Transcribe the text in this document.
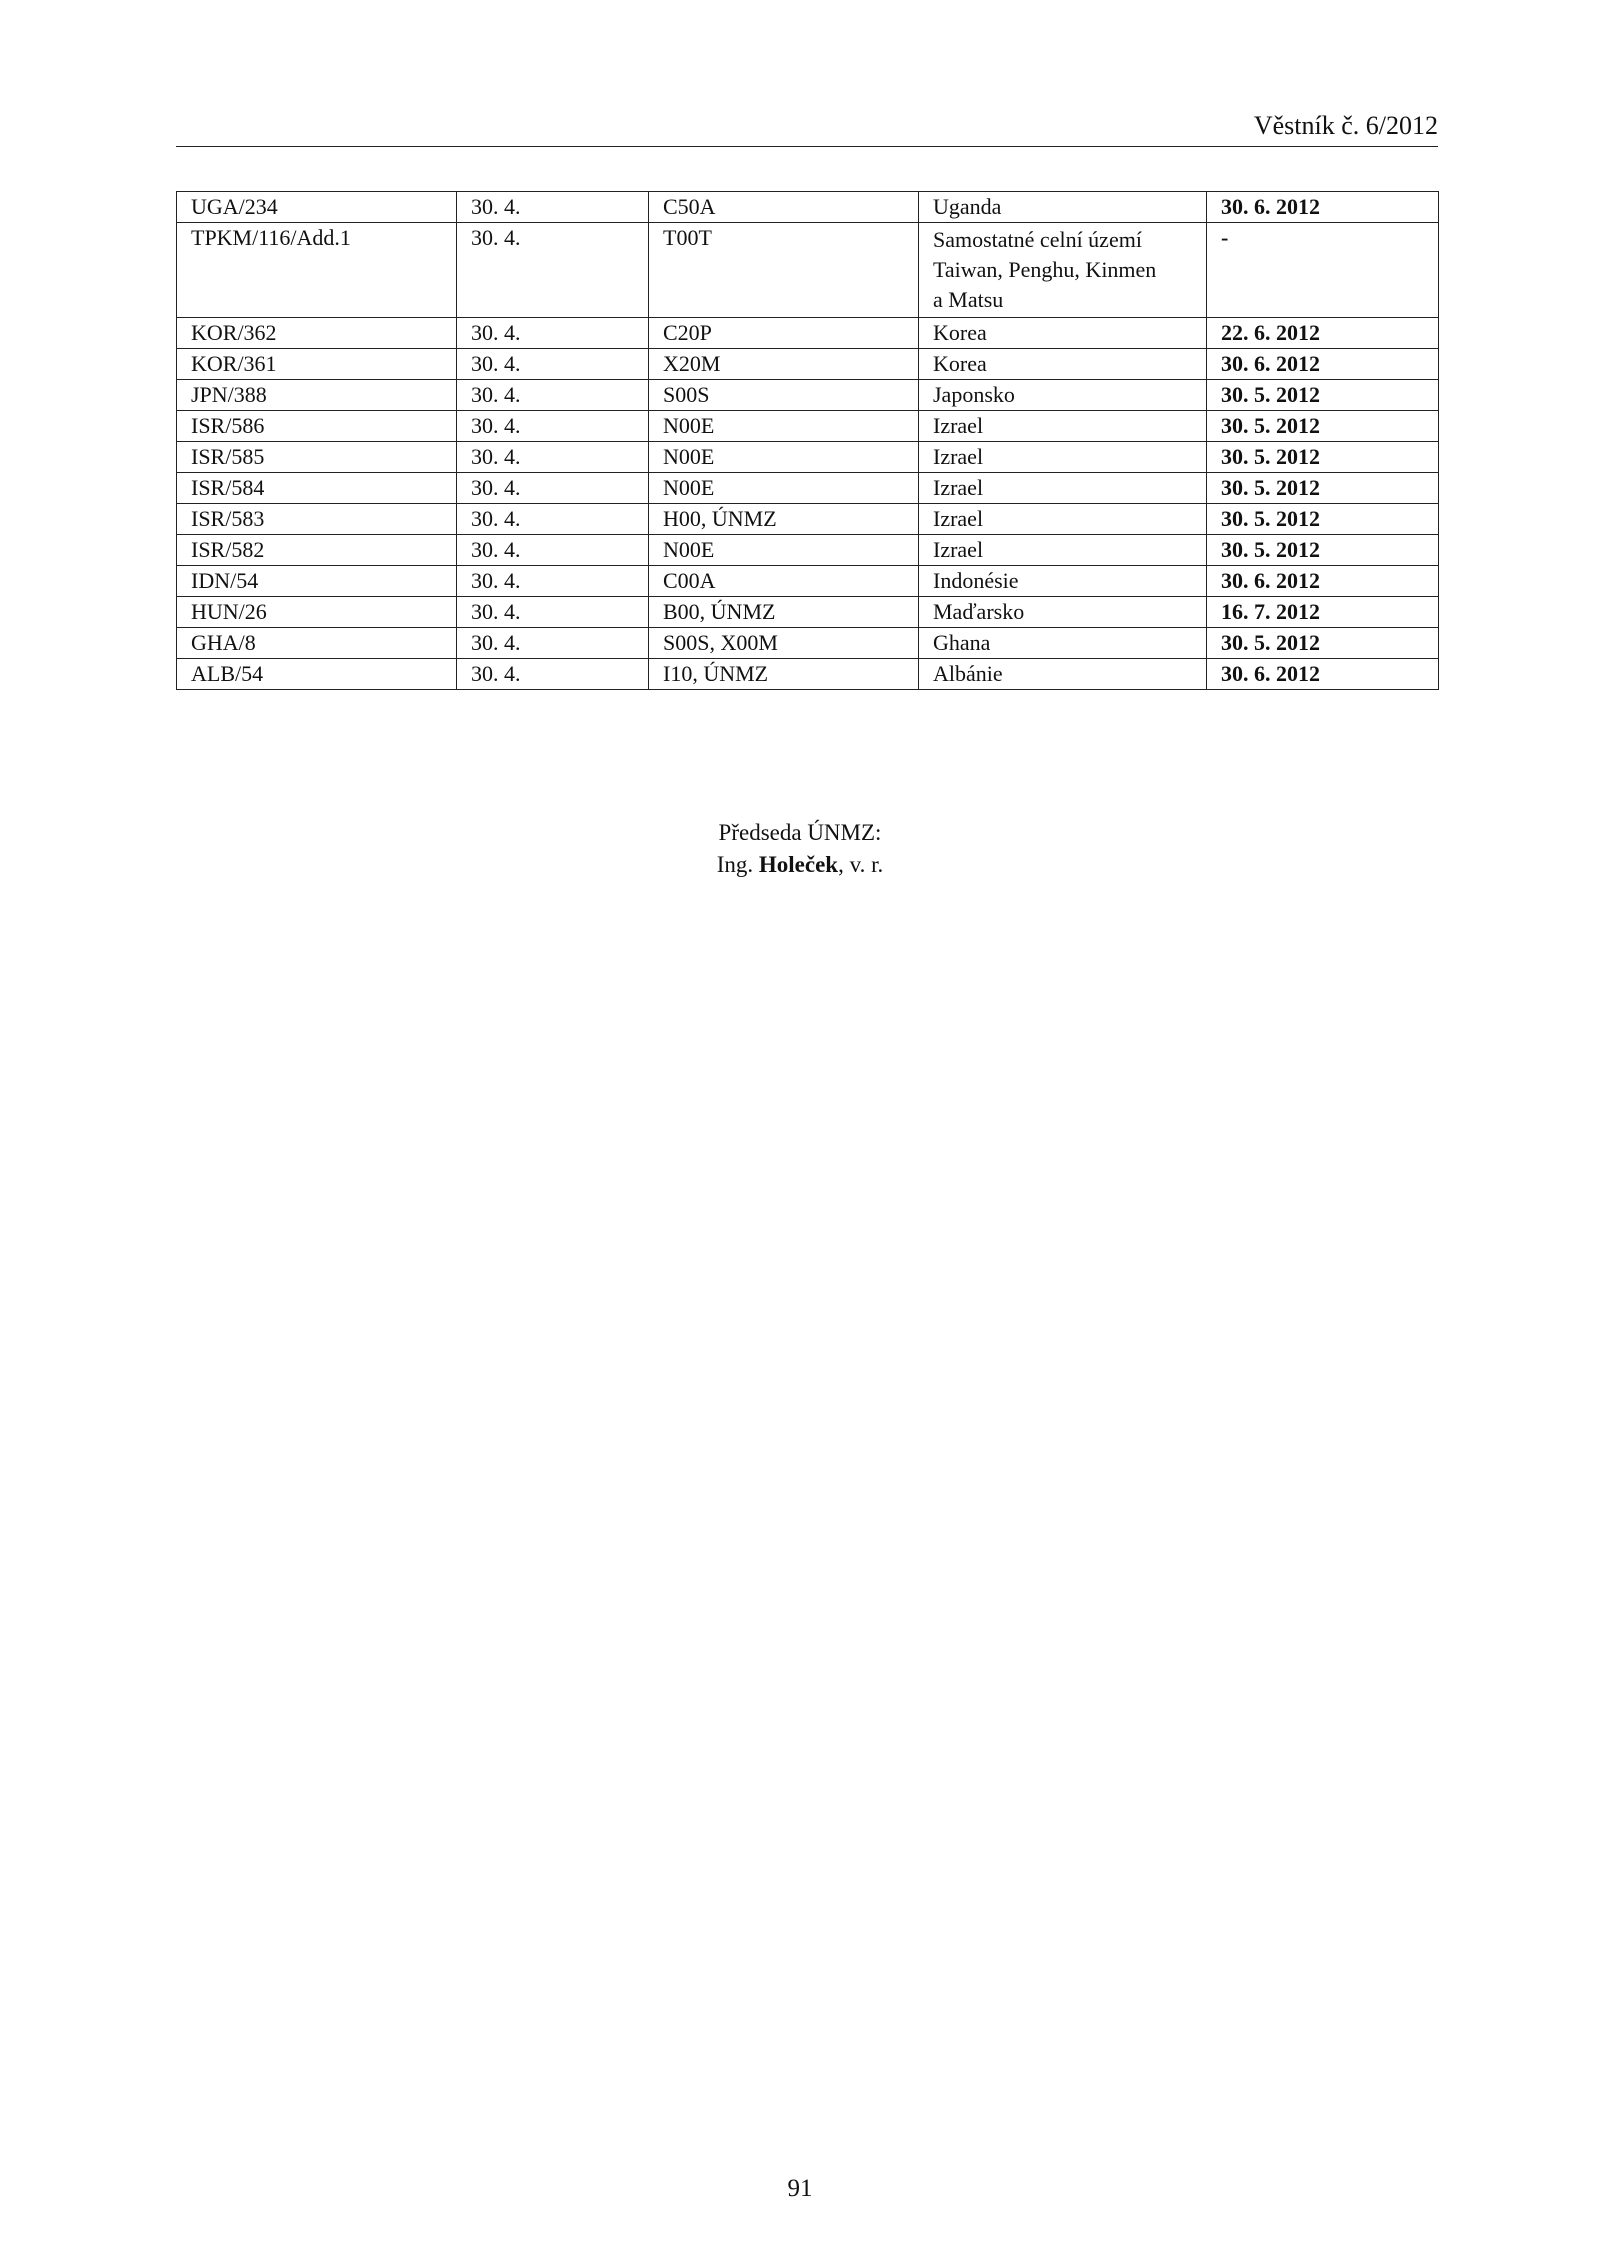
Věstník č. 6/2012
UGA/234	30. 4.	C50A	Uganda	30. 6. 2012
TPKM/116/Add.1	30. 4.	T00T	Samostatné celní území
Taiwan, Penghu, Kinmen
a Matsu	-
KOR/362	30. 4.	C20P	Korea	22. 6. 2012
KOR/361	30. 4.	X20M	Korea	30. 6. 2012
JPN/388	30. 4.	S00S	Japonsko	30. 5. 2012
ISR/586	30. 4.	N00E	Izrael	30. 5. 2012
ISR/585	30. 4.	N00E	Izrael	30. 5. 2012
ISR/584	30. 4.	N00E	Izrael	30. 5. 2012
ISR/583	30. 4.	H00, ÚNMZ	Izrael	30. 5. 2012
ISR/582	30. 4.	N00E	Izrael	30. 5. 2012
IDN/54	30. 4.	C00A	Indonésie	30. 6. 2012
HUN/26	30. 4.	B00, ÚNMZ	Maďarsko	16. 7. 2012
GHA/8	30. 4.	S00S, X00M	Ghana	30. 5. 2012
ALB/54	30. 4.	I10, ÚNMZ	Albánie	30. 6. 2012
Předseda ÚNMZ:
Ing. Holeček, v. r.
91
